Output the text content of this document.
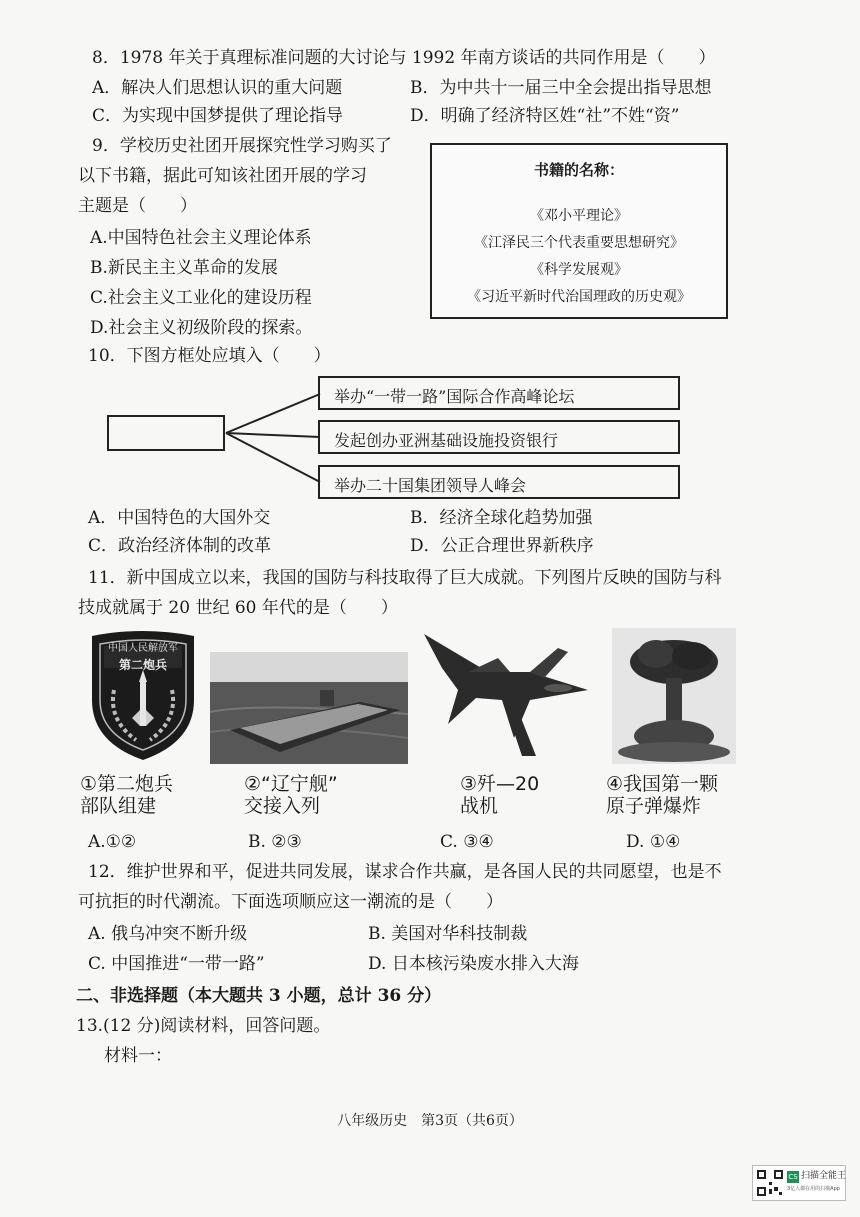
8．1978 年关于真理标准问题的大讨论与 1992 年南方谈话的共同作用是（　　）
A．解决人们思想认识的重大问题	B．为中共十一届三中全会提出指导思想
C．为实现中国梦提供了理论指导	D．明确了经济特区姓“社”不姓“资”
9．学校历史社团开展探究性学习购买了
以下书籍，据此可知该社团开展的学习
主题是（　　）
A.中国特色社会主义理论体系
B.新民主主义革命的发展
C.社会主义工业化的建设历程
D.社会主义初级阶段的探索。
书籍的名称：
《邓小平理论》
《江泽民三个代表重要思想研究》
《科学发展观》
《习近平新时代治国理政的历史观》
10．下图方框处应填入（　　）
举办“一带一路”国际合作高峰论坛
发起创办亚洲基础设施投资银行
举办二十国集团领导人峰会
A．中国特色的大国外交	B．经济全球化趋势加强
C．政治经济体制的改革	D．公正合理世界新秩序
11．新中国成立以来，我国的国防与科技取得了巨大成就。下列图片反映的国防与科
技成就属于 20 世纪 60 年代的是（　　）
中国人民解放军
第二炮兵
①第二炮兵
部队组建
②“辽宁舰”
交接入列
③歼—20
战机
④我国第一颗
原子弹爆炸
A.①②	B. ②③	C. ③④	D. ①④
12．维护世界和平，促进共同发展，谋求合作共赢，是各国人民的共同愿望，也是不
可抗拒的时代潮流。下面选项顺应这一潮流的是（　　）
A. 俄乌冲突不断升级	B. 美国对华科技制裁
C. 中国推进“一带一路”	D. 日本核污染废水排入大海
二、非选择题（本大题共 3 小题，总计 36 分）
13.(12 分)阅读材料，回答问题。
材料一：
八年级历史　第3页（共6页）
CS 扫描全能王
3亿人都在用的扫描App
